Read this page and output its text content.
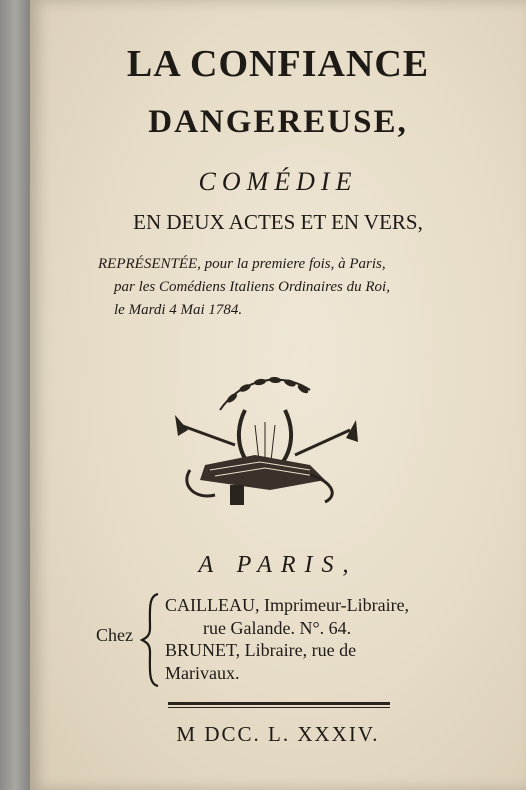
LA CONFIANCE
DANGEREUSE,
COMÉDIE
EN DEUX ACTES ET EN VERS,
REPRÉSENTÉE, pour la premiere fois, à Paris,
par les Comédiens Italiens Ordinaires du Roi,
le Mardi 4 Mai 1784.
A PARIS,
Chez
CAILLEAU, Imprimeur-Libraire,
rue Galande. N°. 64.
BRUNET, Libraire, rue de
Marivaux.
M DCC. L. XXXIV.
